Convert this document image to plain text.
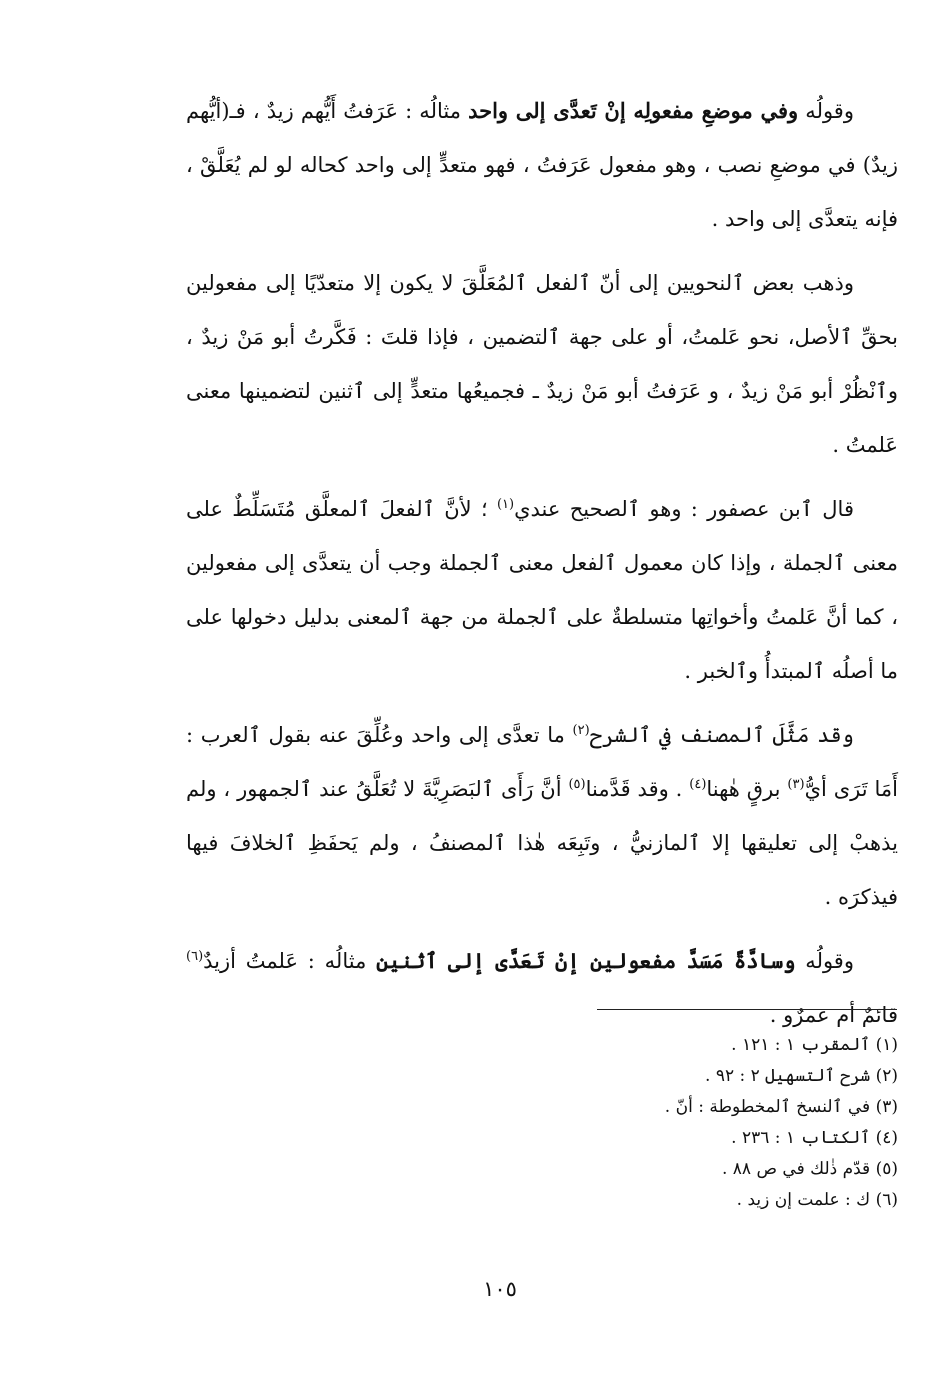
وقولُه وفي موضعِ مفعولِه إنْ تَعدَّى إلى واحد مثالُه : عَرَفتُ أَيُّهم زيدٌ ، فـ(أيُّهم زيدٌ) في موضعِ نصب ، وهو مفعول عَرَفتُ ، فهو متعدٍّ إلى واحد كحاله لو لم يُعَلَّقْ ، فإنه يتعدَّى إلى واحد .

وذهب بعض ٱلنحويين إلى أنّ ٱلفعل ٱلمُعَلَّقَ لا يكون إلا متعدّيًا إلى مفعولين بحقِّ ٱلأصل، نحو عَلمتُ، أو على جهة ٱلتضمين ، فإذا قلتَ : فَكَّرتُ أبو مَنْ زيدٌ ، وٱنْظُرْ أبو مَنْ زيدٌ ، و عَرَفتُ أبو مَنْ زيدٌ ـ فجميعُها متعدٍّ إلى ٱثنين لتضمينها معنى عَلمتُ .

قال ٱبن عصفور : وهو ٱلصحيح عندي$^{(١)}$ ؛ لأنَّ ٱلفعلَ ٱلمعلَّق مُتَسَلِّطٌ على معنى ٱلجملة ، وإذا كان معمول ٱلفعل معنى ٱلجملة وجب أن يتعدَّى إلى مفعولين ، كما أنَّ عَلمتُ وأخواتِها متسلطةٌ على ٱلجملة من جهة ٱلمعنى بدليل دخولها على ما أصلُه ٱلمبتدأُ وٱلخبر .

وقد مَثَّلَ ٱلمصنف في ٱلشرح$^{(٢)}$ ما تعدَّى إلى واحد وعُلِّقَ عنه بقول ٱلعرب : أَمَا تَرَى أيُّ$^{(٣)}$ برقٍ هٰهنا$^{(٤)}$ . وقد قَدَّمنا$^{(٥)}$ أنَّ رَأَى ٱلبَصَرِيَّةَ لا تُعَلَّقُ عند ٱلجمهور ، ولم يذهبْ إلى تعليقها إلا ٱلمازنيُّ ، وتَبِعَه هٰذا ٱلمصنفُ ، ولم يَحفَظِ ٱلخلافَ فيها فيذكرَه .

وقولُه وسادَّةً مَسَدَّ مفعولين إنْ تَعَدَّى إلى ٱثنين مثالُه : عَلمتُ أزيدٌ$^{(٦)}$ قائمٌ أم عمرٌو .

(١) ٱلمقرب ١ : ١٢١ .
(٢) شرح ٱلتسهيل ٢ : ٩٢ .
(٣) في ٱلنسخ ٱلمخطوطة : أنّ .
(٤) ٱلكتاب ١ : ٢٣٦ .
(٥) قدّم ذٰلك في ص ٨٨ .
(٦) ك : علمت إن زيد .
١٠٥
